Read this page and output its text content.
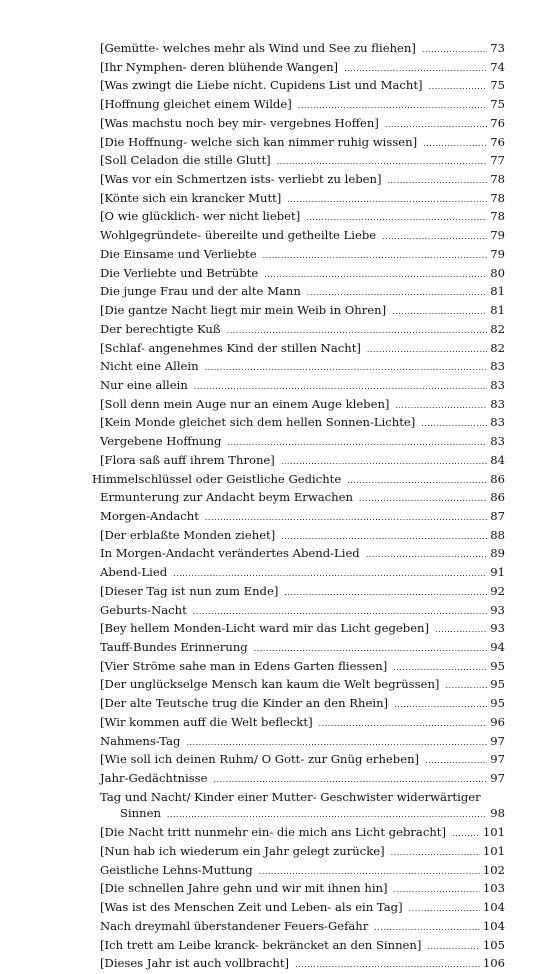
[Gemütte- welches mehr als Wind und See zu fliehen] .....	73
[Ihr Nymphen- deren blühende Wangen] .....	74
[Was zwingt die Liebe nicht. Cupidens List und Macht] .....	75
[Hoffnung gleichet einem Wilde] .....	75
[Was machstu noch bey mir- vergebnes Hoffen] .....	76
[Die Hoffnung- welche sich kan nimmer ruhig wissen] .....	76
[Soll Celadon die stille Glutt] .....	77
[Was vor ein Schmertzen ists- verliebt zu leben] .....	78
[Könte sich ein krancker Mutt] .....	78
[O wie glücklich- wer nicht liebet] .....	78
Wohlgegründete- übereilte und getheilte Liebe .....	79
Die Einsame und Verliebte .....	79
Die Verliebte und Betrübte .....	80
Die junge Frau und der alte Mann .....	81
[Die gantze Nacht liegt mir mein Weib in Ohren] .....	81
Der berechtigte Kuß .....	82
[Schlaf- angenehmes Kind der stillen Nacht] .....	82
Nicht eine Allein .....	83
Nur eine allein .....	83
[Soll denn mein Auge nur an einem Auge kleben] .....	83
[Kein Monde gleichet sich dem hellen Sonnen-Lichte] .....	83
Vergebene Hoffnung .....	83
[Flora saß auff ihrem Throne] .....	84
Himmelschlüssel oder Geistliche Gedichte .....	86
Ermunterung zur Andacht beym Erwachen .....	86
Morgen-Andacht .....	87
[Der erblaßte Monden ziehet] .....	88
In Morgen-Andacht verändertes Abend-Lied .....	89
Abend-Lied .....	91
[Dieser Tag ist nun zum Ende] .....	92
Geburts-Nacht .....	93
[Bey hellem Monden-Licht ward mir das Licht gegeben] .....	93
Tauff-Bundes Erinnerung .....	94
[Vier Ströme sahe man in Edens Garten fliessen] .....	95
[Der unglückselge Mensch kan kaum die Welt begrüssen] .....	95
[Der alte Teutsche trug die Kinder an den Rhein] .....	95
[Wir kommen auff die Welt befleckt] .....	96
Nahmens-Tag .....	97
[Wie soll ich deinen Ruhm/ O Gott- zur Gnüg erheben] .....	97
Jahr-Gedächtnisse .....	97
Tag und Nacht/ Kinder einer Mutter- Geschwister widerwärtiger
Sinnen .....	98
[Die Nacht tritt nunmehr ein- die mich ans Licht gebracht] .....	101
[Nun hab ich wiederum ein Jahr gelegt zurücke] .....	101
Geistliche Lehns-Muttung .....	102
[Die schnellen Jahre gehn und wir mit ihnen hin] .....	103
[Was ist des Menschen Zeit und Leben- als ein Tag] .....	104
Nach dreymahl überstandener Feuers-Gefahr .....	104
[Ich trett am Leibe kranck- bekräncket an den Sinnen] .....	105
[Dieses Jahr ist auch vollbracht] .....	106
